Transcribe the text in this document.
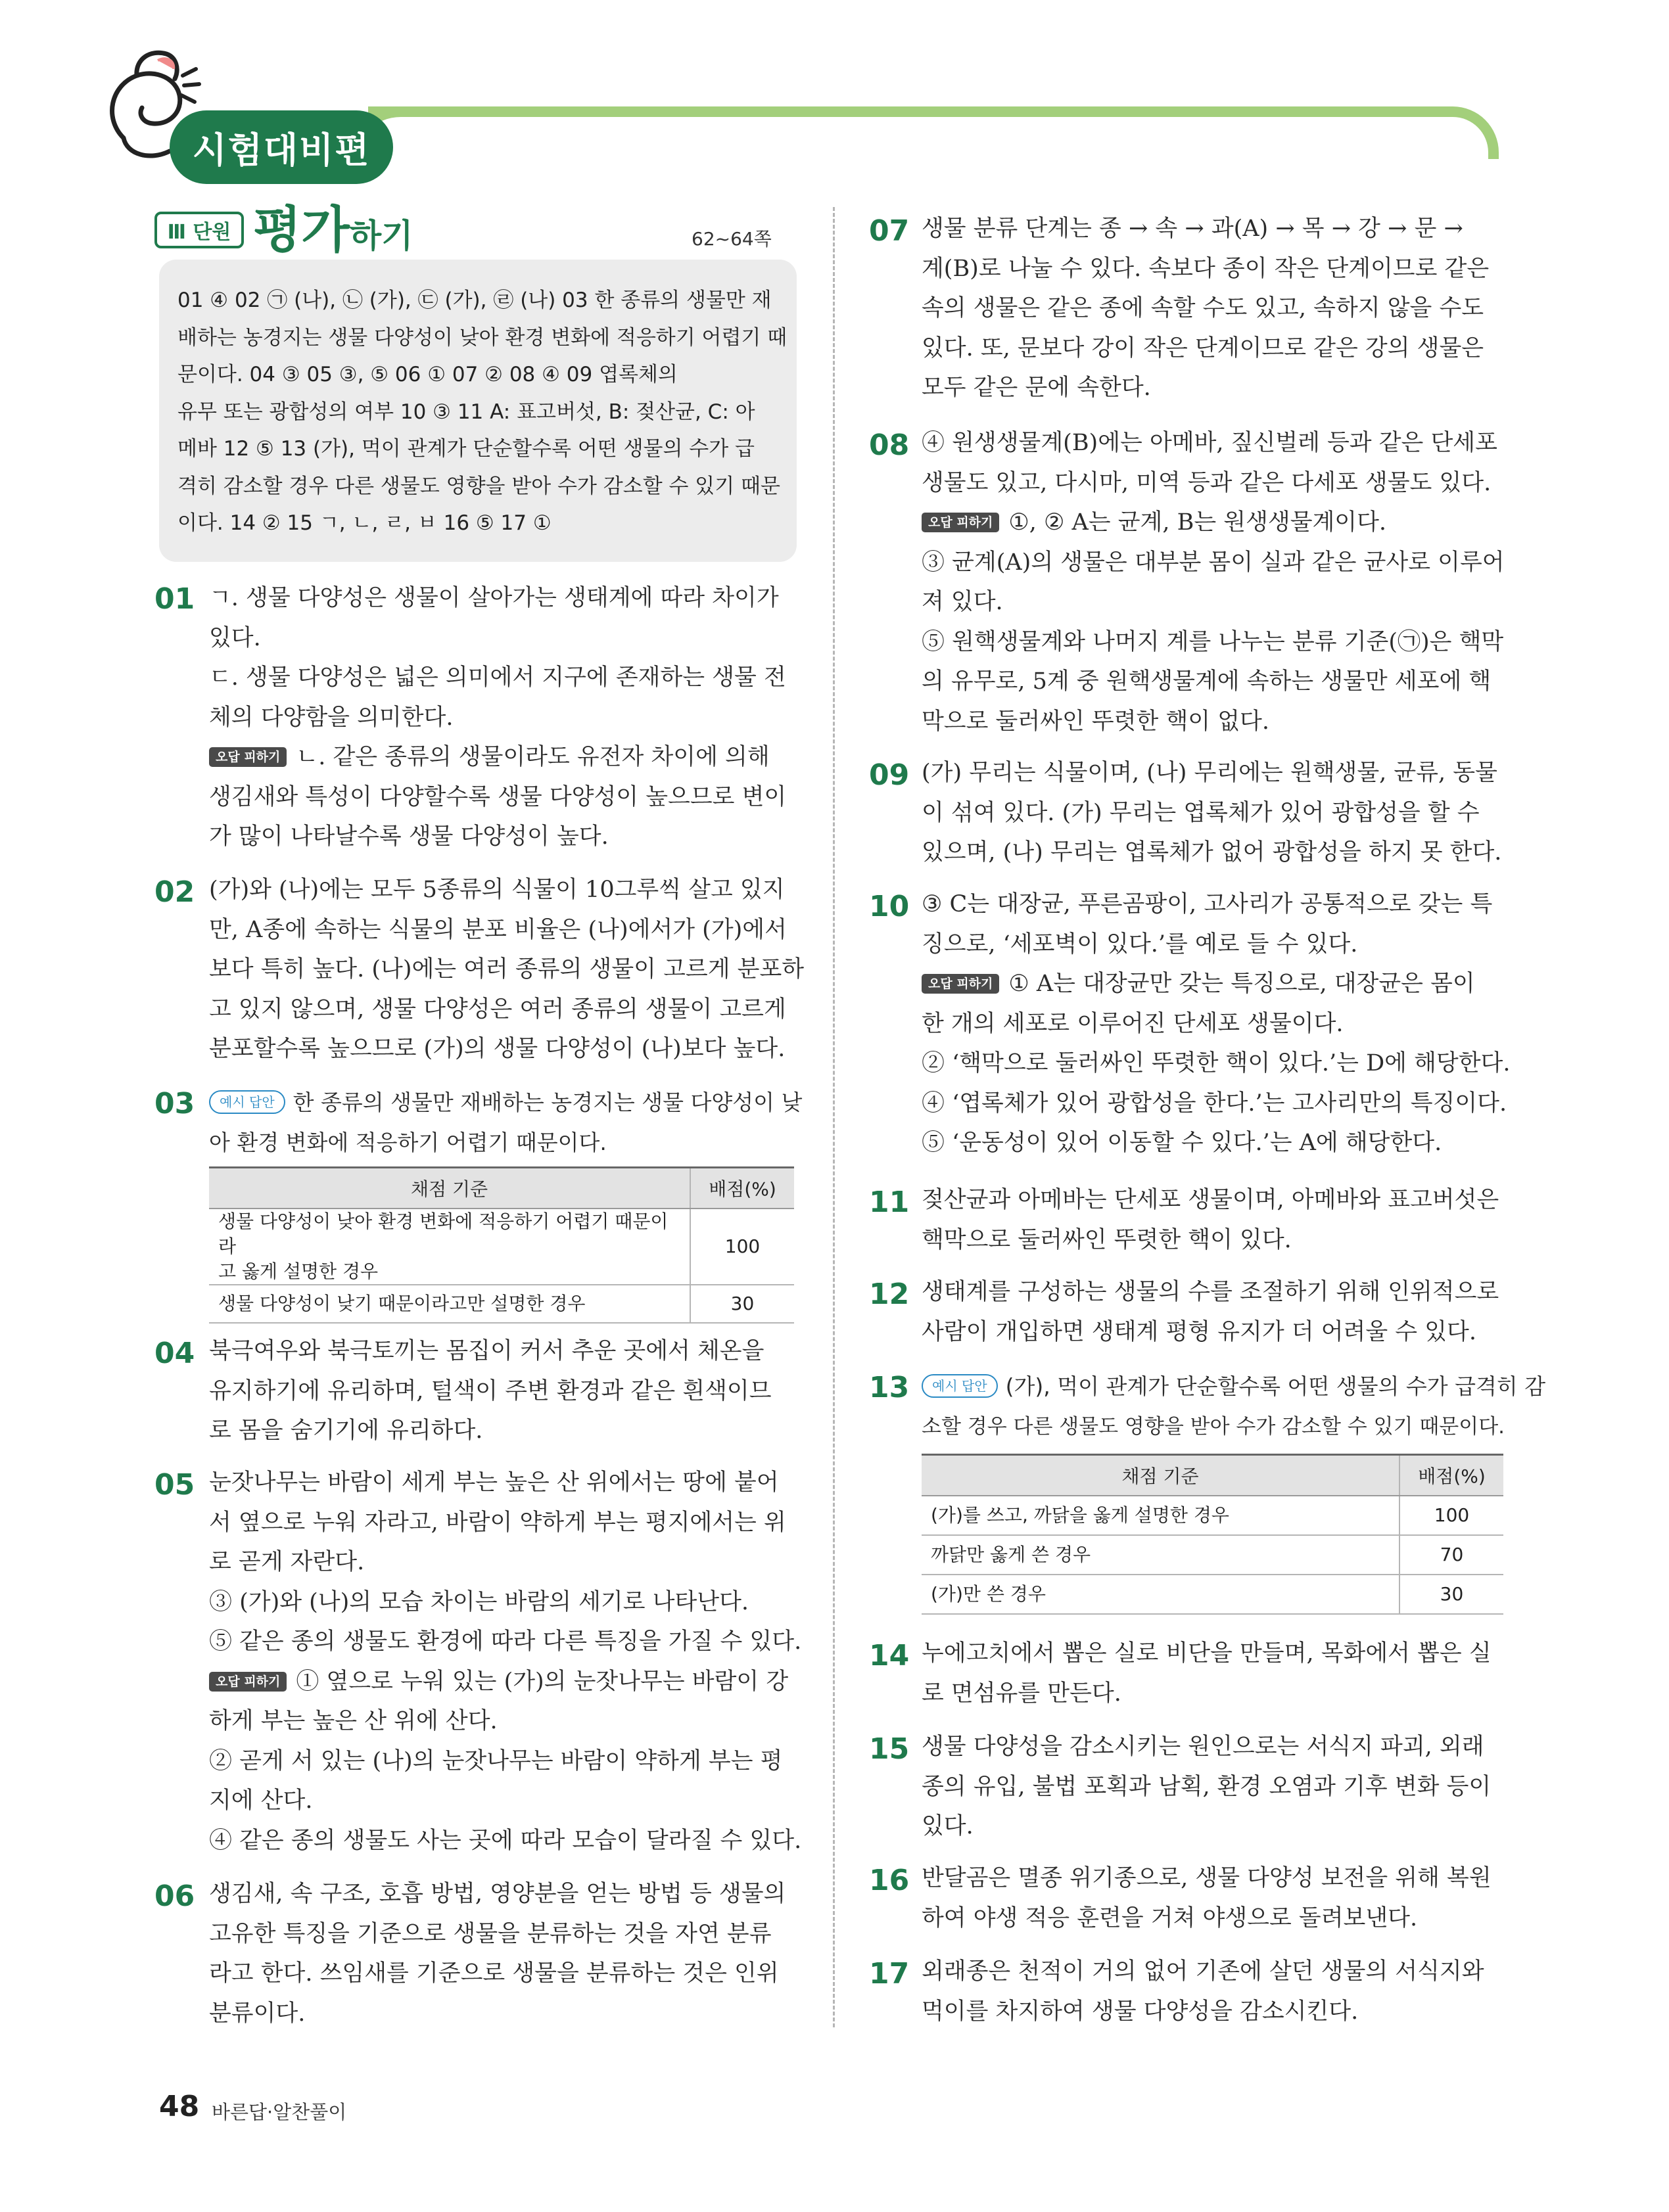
시험대비편
Ⅲ 단원 평가하기	62~64쪽
01 ④ 02 ㉠ (나), ㉡ (가), ㉢ (가), ㉣ (나) 03 한 종류의 생물만 재
배하는 농경지는 생물 다양성이 낮아 환경 변화에 적응하기 어렵기 때
문이다. 04 ③ 05 ③, ⑤ 06 ① 07 ② 08 ④ 09 엽록체의
유무 또는 광합성의 여부 10 ③ 11 A: 표고버섯, B: 젖산균, C: 아
메바 12 ⑤ 13 (가), 먹이 관계가 단순할수록 어떤 생물의 수가 급
격히 감소할 경우 다른 생물도 영향을 받아 수가 감소할 수 있기 때문
이다. 14 ② 15 ㄱ, ㄴ, ㄹ, ㅂ 16 ⑤ 17 ①
01 ㄱ. 생물 다양성은 생물이 살아가는 생태계에 따라 차이가
있다.
ㄷ. 생물 다양성은 넓은 의미에서 지구에 존재하는 생물 전
체의 다양함을 의미한다.
오답 피하기 ㄴ. 같은 종류의 생물이라도 유전자 차이에 의해
생김새와 특성이 다양할수록 생물 다양성이 높으므로 변이
가 많이 나타날수록 생물 다양성이 높다.
02 (가)와 (나)에는 모두 5종류의 식물이 10그루씩 살고 있지
만, A종에 속하는 식물의 분포 비율은 (나)에서가 (가)에서
보다 특히 높다. (나)에는 여러 종류의 생물이 고르게 분포하
고 있지 않으며, 생물 다양성은 여러 종류의 생물이 고르게
분포할수록 높으므로 (가)의 생물 다양성이 (나)보다 높다.
03	예시 답안 한 종류의 생물만 재배하는 농경지는 생물 다양성이 낮
아 환경 변화에 적응하기 어렵기 때문이다.
채점 기준	배점(%)

생물 다양성이 낮아 환경 변화에 적응하기 어렵기 때문이라
고 옳게 설명한 경우	100
생물 다양성이 낮기 때문이라고만 설명한 경우	30
04 북극여우와 북극토끼는 몸집이 커서 추운 곳에서 체온을
유지하기에 유리하며, 털색이 주변 환경과 같은 흰색이므
로 몸을 숨기기에 유리하다.
05 눈잣나무는 바람이 세게 부는 높은 산 위에서는 땅에 붙어
서 옆으로 누워 자라고, 바람이 약하게 부는 평지에서는 위
로 곧게 자란다.
③ (가)와 (나)의 모습 차이는 바람의 세기로 나타난다.
⑤ 같은 종의 생물도 환경에 따라 다른 특징을 가질 수 있다.
오답 피하기 ① 옆으로 누워 있는 (가)의 눈잣나무는 바람이 강
하게 부는 높은 산 위에 산다.
② 곧게 서 있는 (나)의 눈잣나무는 바람이 약하게 부는 평
지에 산다.
④ 같은 종의 생물도 사는 곳에 따라 모습이 달라질 수 있다.
06 생김새, 속 구조, 호흡 방법, 영양분을 얻는 방법 등 생물의
고유한 특징을 기준으로 생물을 분류하는 것을 자연 분류
라고 한다. 쓰임새를 기준으로 생물을 분류하는 것은 인위
분류이다.
07 생물 분류 단계는 종 → 속 → 과(A) → 목 → 강 → 문 →
계(B)로 나눌 수 있다. 속보다 종이 작은 단계이므로 같은
속의 생물은 같은 종에 속할 수도 있고, 속하지 않을 수도
있다. 또, 문보다 강이 작은 단계이므로 같은 강의 생물은
모두 같은 문에 속한다.
08 ④ 원생생물계(B)에는 아메바, 짚신벌레 등과 같은 단세포
생물도 있고, 다시마, 미역 등과 같은 다세포 생물도 있다.
오답 피하기 ①, ② A는 균계, B는 원생생물계이다.
③ 균계(A)의 생물은 대부분 몸이 실과 같은 균사로 이루어
져 있다.
⑤ 원핵생물계와 나머지 계를 나누는 분류 기준(㉠)은 핵막
의 유무로, 5계 중 원핵생물계에 속하는 생물만 세포에 핵
막으로 둘러싸인 뚜렷한 핵이 없다.
09 (가) 무리는 식물이며, (나) 무리에는 원핵생물, 균류, 동물
이 섞여 있다. (가) 무리는 엽록체가 있어 광합성을 할 수
있으며, (나) 무리는 엽록체가 없어 광합성을 하지 못 한다.
10 ③ C는 대장균, 푸른곰팡이, 고사리가 공통적으로 갖는 특
징으로, ‘세포벽이 있다.’를 예로 들 수 있다.
오답 피하기 ① A는 대장균만 갖는 특징으로, 대장균은 몸이
한 개의 세포로 이루어진 단세포 생물이다.
② ‘핵막으로 둘러싸인 뚜렷한 핵이 있다.’는 D에 해당한다.
④ ‘엽록체가 있어 광합성을 한다.’는 고사리만의 특징이다.
⑤ ‘운동성이 있어 이동할 수 있다.’는 A에 해당한다.
11 젖산균과 아메바는 단세포 생물이며, 아메바와 표고버섯은
핵막으로 둘러싸인 뚜렷한 핵이 있다.
12 생태계를 구성하는 생물의 수를 조절하기 위해 인위적으로
사람이 개입하면 생태계 평형 유지가 더 어려울 수 있다.
13	예시 답안 (가), 먹이 관계가 단순할수록 어떤 생물의 수가 급격히 감
소할 경우 다른 생물도 영향을 받아 수가 감소할 수 있기 때문이다.
채점 기준	배점(%)
(가)를 쓰고, 까닭을 옳게 설명한 경우	100
까닭만 옳게 쓴 경우	70
(가)만 쓴 경우	30
14 누에고치에서 뽑은 실로 비단을 만들며, 목화에서 뽑은 실
로 면섬유를 만든다.
15 생물 다양성을 감소시키는 원인으로는 서식지 파괴, 외래
종의 유입, 불법 포획과 남획, 환경 오염과 기후 변화 등이
있다.
16 반달곰은 멸종 위기종으로, 생물 다양성 보전을 위해 복원
하여 야생 적응 훈련을 거쳐 야생으로 돌려보낸다.
17 외래종은 천적이 거의 없어 기존에 살던 생물의 서식지와
먹이를 차지하여 생물 다양성을 감소시킨다.
48 바른답·알찬풀이
